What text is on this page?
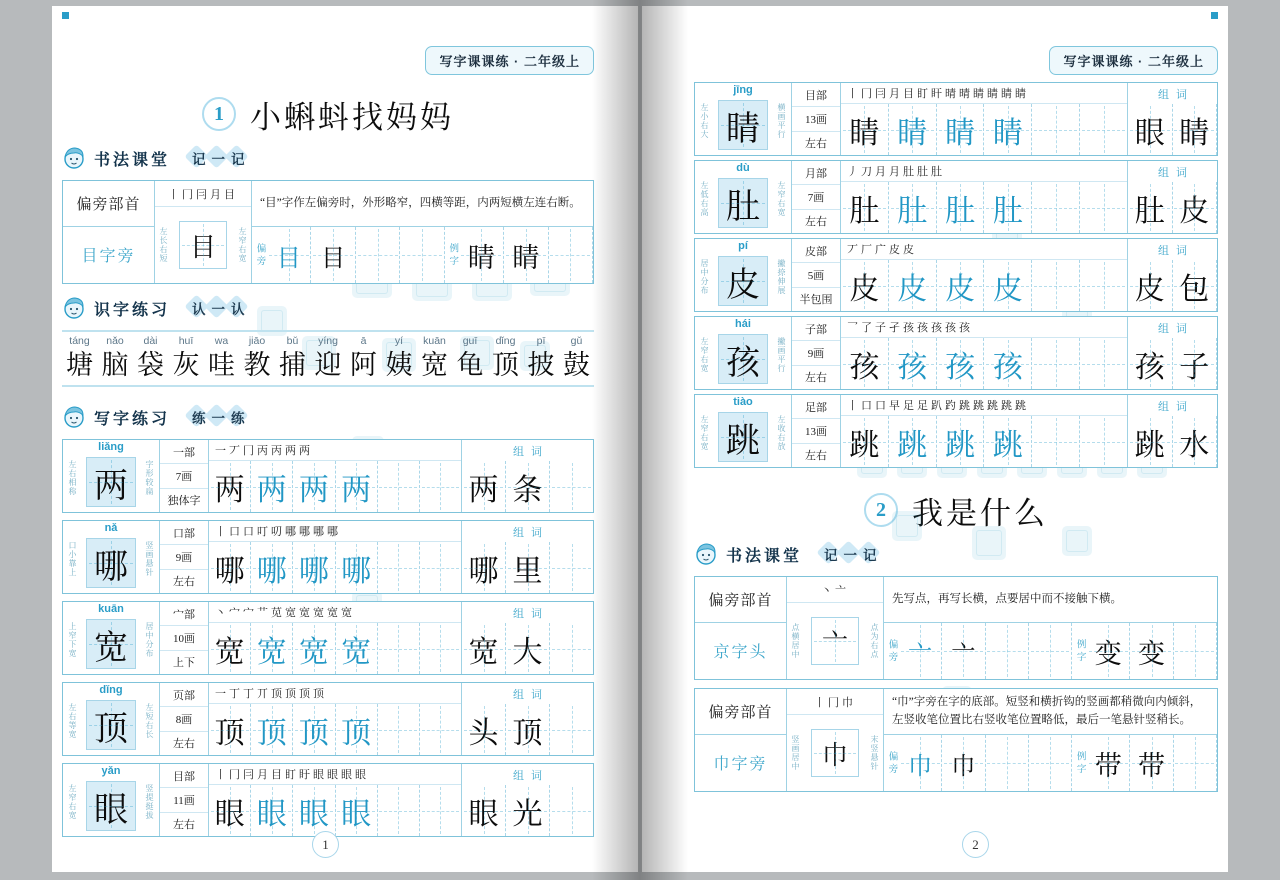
写字课课练 · 二年级上
1 小蝌蚪找妈妈
书法课堂	记一记
偏旁部首
目字旁
丨冂冃月目
左长右短 目	左窄右宽
“目”字作左偏旁时，外形略窄，四横等距，内两短横左连右断。
偏旁 目 目	例字 睛 睛
识字练习	认一认
táng
塘
nǎo
脑
dài
袋
huī
灰
wa
哇
jiāo
教
bǔ
捕
yíng
迎
ā
阿
yí
姨
kuān
宽
guī
龟
dǐng
顶
pī
披
gǔ
鼓
写字练习	练一练
liǎng
左右相称 两 字形较扁
一部
7画
独体字
一丆冂丙丙两两
两 两 两 两
组词
两 条
nǎ
口小靠上 哪 竖画悬针
口部
9画
左右
丨口口叮叨哪哪哪哪
哪 哪 哪 哪
组词
哪 里
kuān
上窄下宽 宽 居中分布
宀部
10画
上下
丶宀宀艹苋宽宽宽宽宽
宽 宽 宽 宽
组词
宽 大
dǐng
左右等宽 顶 左短右长
页部
8画
左右
一丁丁丌顶顶顶顶
顶 顶 顶 顶
组词
头 顶
yǎn
左窄右宽 眼 竖提挺拔
目部
11画
左右
丨冂冃月目盯盱眼眼眼眼
眼 眼 眼 眼
组词
眼 光
1
写字课课练 · 二年级上
jīng
左小右大 睛 横画平行
目部
13画
左右
丨冂冃月目盯盰晴晴睛睛睛睛
睛 睛 睛 睛
组词
眼 睛
dù
左低右高 肚 左窄右宽
月部
7画
左右
丿刀月月肚肚肚
肚 肚 肚 肚
组词
肚 皮
pí
居中分布 皮 撇捺伸展
皮部
5画
半包围
丆厂广皮皮
皮 皮 皮 皮
组词
皮 包
hái
左窄右宽 孩 撇画平行
子部
9画
左右
乛了子孑孩孩孩孩孩
孩 孩 孩 孩
组词
孩 子
tiào
左窄右宽 跳 左收右放
足部
13画
左右
丨口口早足足趴趵跳跳跳跳跳
跳 跳 跳 跳
组词
跳 水
2 我是什么
书法课堂	记一记
偏旁部首
京字头
丶亠
点横居中 亠	点为右点
先写点，再写长横，点要居中而不接触下横。
偏旁 亠 亠	例字 变 变
偏旁部首
巾字旁
丨冂巾
竖画居中 巾	末竖悬针
“巾”字旁在字的底部。短竖和横折钩的竖画都稍微向内倾斜，左竖收笔位置比右竖收笔位置略低，最后一笔悬针竖稍长。
偏旁 巾 巾	例字 带 带
2
